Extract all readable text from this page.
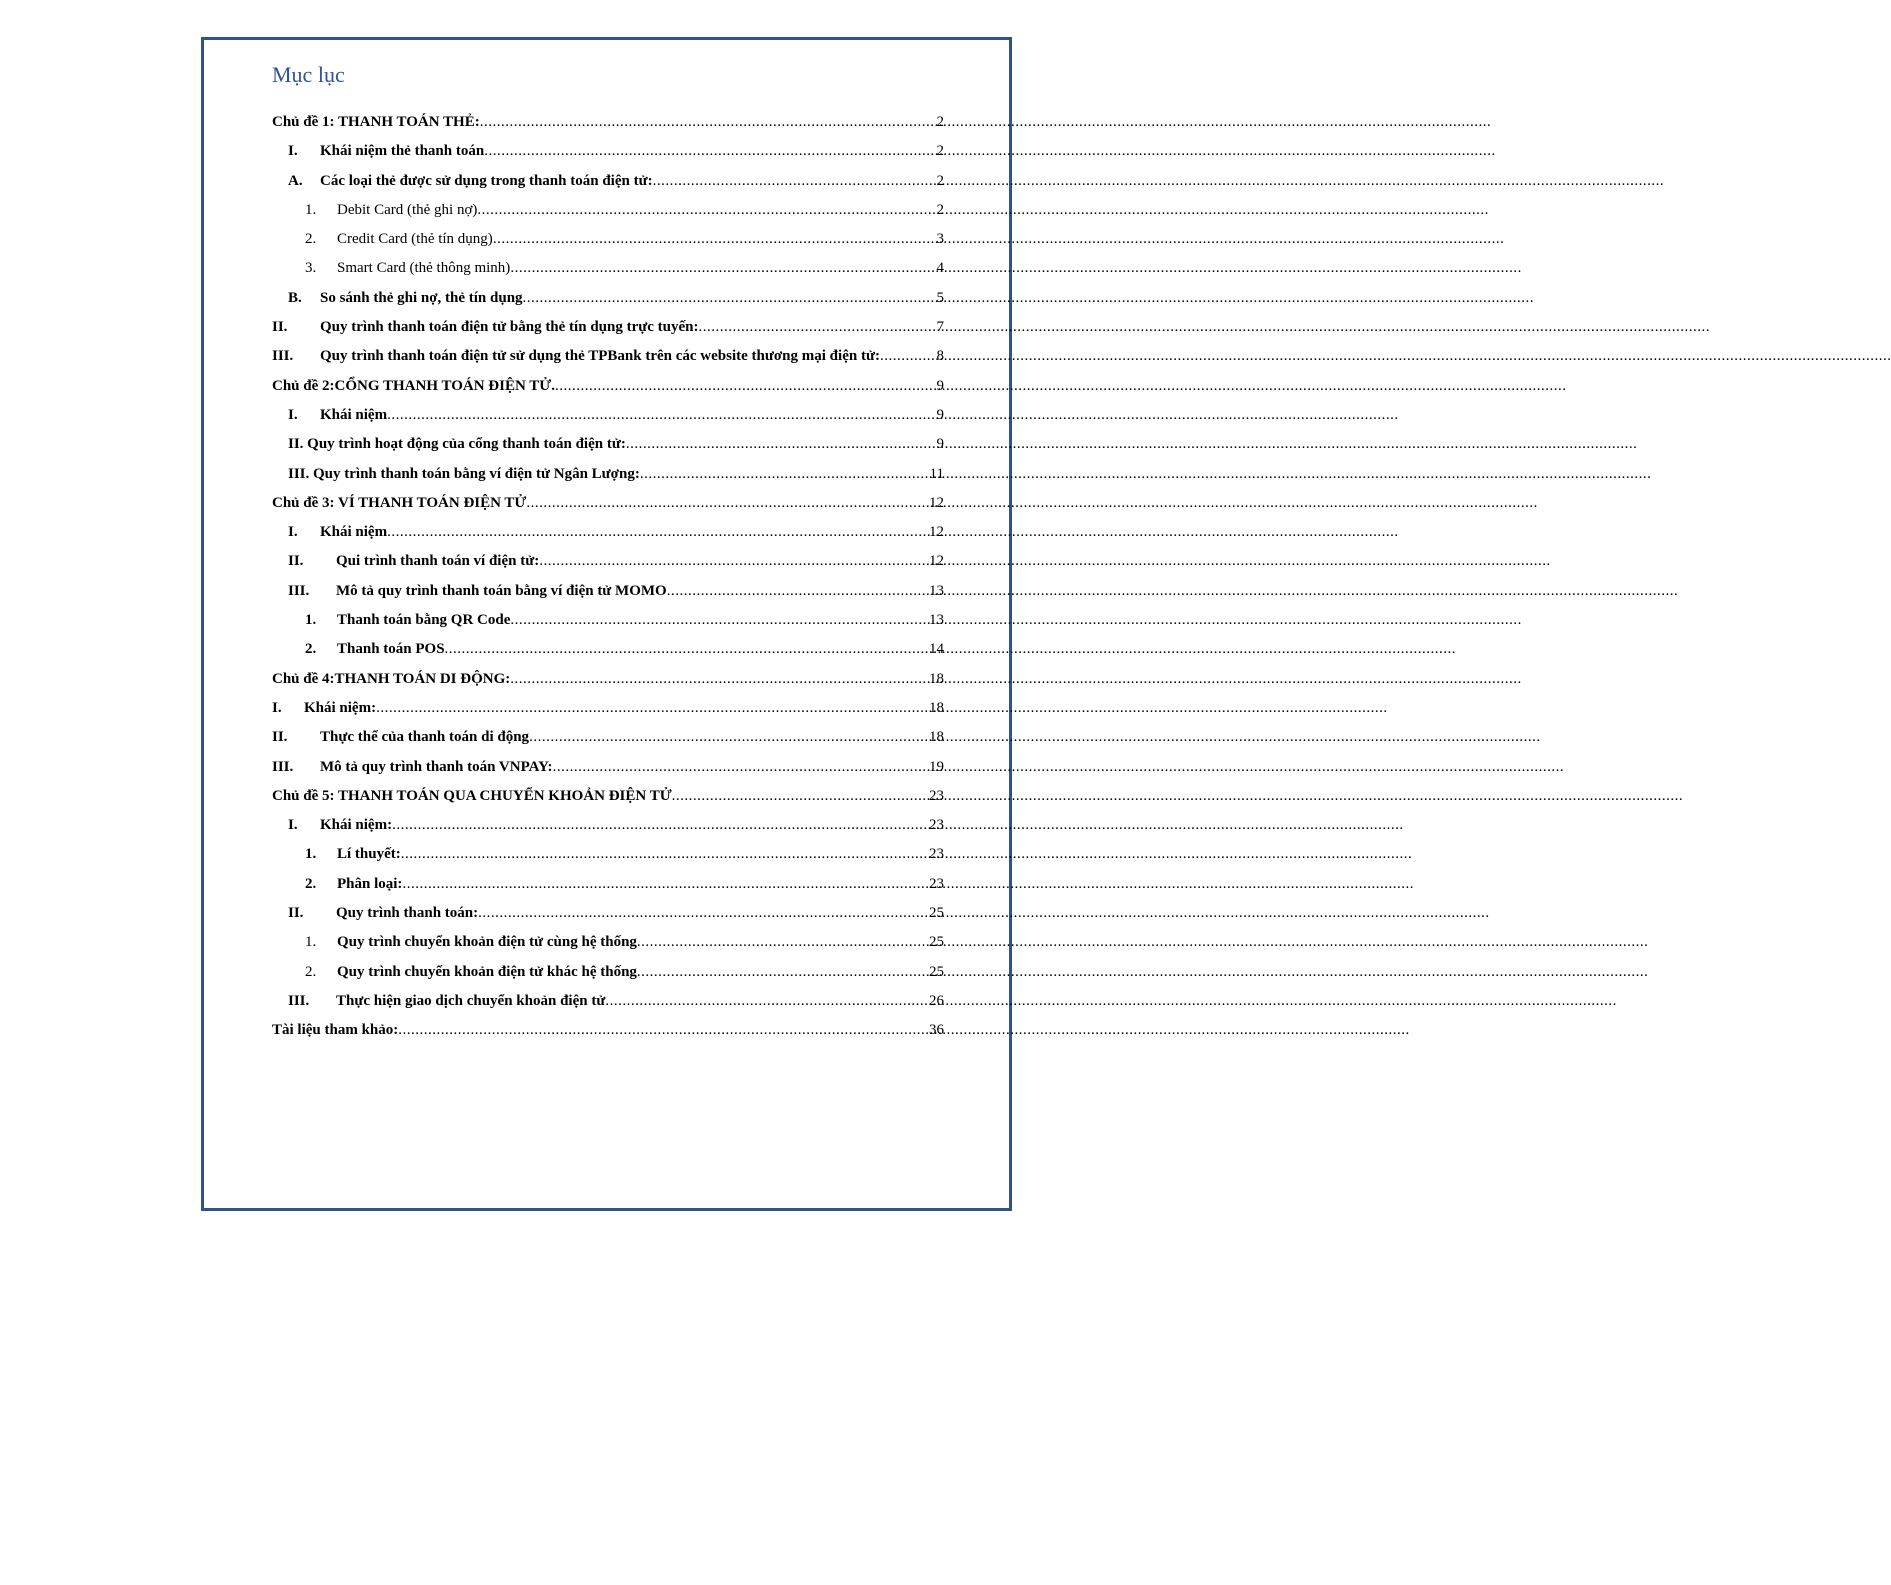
Mục lục
Chủ đề 1: THANH TOÁN THẺ: .....	2
I.	Khái niệm thẻ thanh toán .....	2
A.	Các loại thẻ được sử dụng trong thanh toán điện tử: .....	2
1.	Debit Card (thẻ ghi nợ) .....	2
2.	Credit Card (thẻ tín dụng) .....	3
3.	Smart Card (thẻ thông minh) .....	4
B.	So sánh thẻ ghi nợ, thẻ tín dụng .....	5
II.	Quy trình thanh toán điện tử bằng thẻ tín dụng trực tuyến: .....	7
III.	Quy trình thanh toán điện tử sử dụng thẻ TPBank trên các website thương mại điện tử: .....	8
Chủ đề 2:CỔNG THANH TOÁN ĐIỆN TỬ. .....	9
I.	Khái niệm .....	9
II. Quy trình hoạt động của cổng thanh toán điện tử: .....	9
III. Quy trình thanh toán bằng ví điện tử Ngân Lượng: .....	11
Chủ đề 3: VÍ THANH TOÁN ĐIỆN TỬ .....	12
I.	Khái niệm .....	12
II.	Qui trình thanh toán ví điện tử: .....	12
III.	Mô tả quy trình thanh toán bằng ví điện tử MOMO .....	13
1.	Thanh toán bằng QR Code .....	13
2.	Thanh toán POS .....	14
Chủ đề 4:THANH TOÁN DI ĐỘNG: .....	18
I.	Khái niệm: .....	18
II.	Thực thể của thanh toán di động .....	18
III.	Mô tả quy trình thanh toán VNPAY: .....	19
Chủ đề 5: THANH TOÁN QUA CHUYỂN KHOẢN ĐIỆN TỬ .....	23
I.	Khái niệm: .....	23
1.	Lí thuyết: .....	23
2.	Phân loại: .....	23
II.	Quy trình thanh toán: .....	25
1.	Quy trình chuyển khoản điện tử cùng hệ thống .....	25
2.	Quy trình chuyển khoản điện tử khác hệ thống .....	25
III.	Thực hiện giao dịch chuyển khoản điện tử .....	26
Tài liệu tham khảo: .....	36
